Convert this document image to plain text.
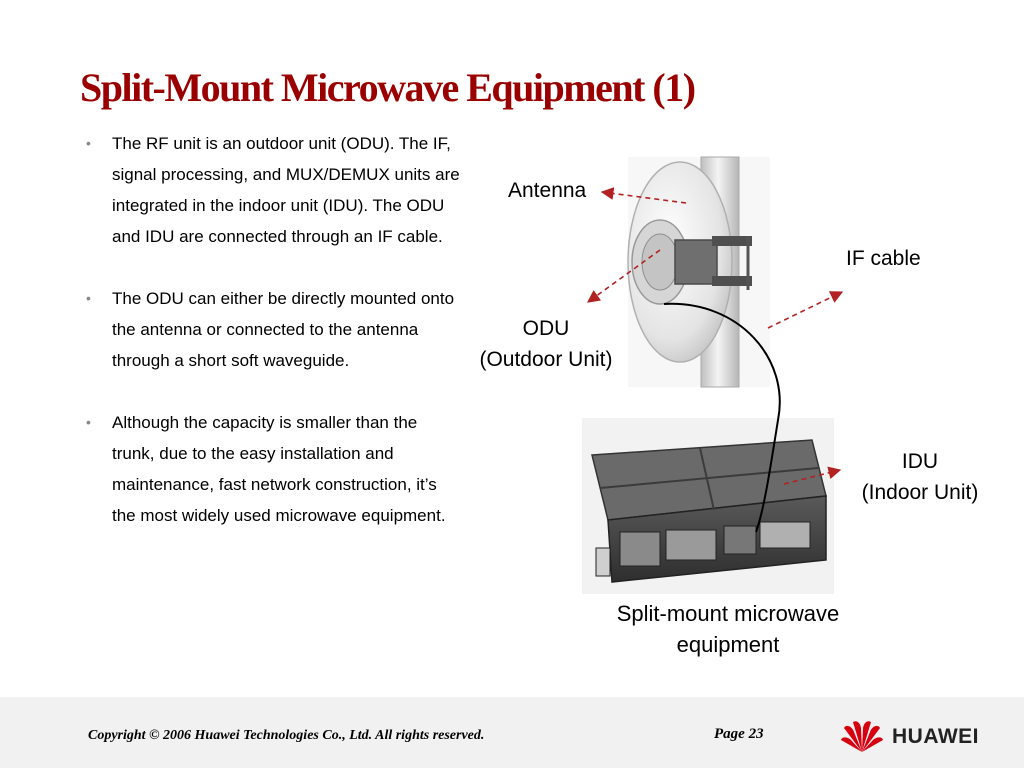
Split-Mount Microwave Equipment (1)
• The RF unit is an outdoor unit (ODU). The IF, signal processing, and MUX/DEMUX units are integrated in the indoor unit (IDU). The ODU and IDU are connected through an IF cable.
• The ODU can either be directly mounted onto the antenna or connected to the antenna through a short soft waveguide.
• Although the capacity is smaller than the trunk, due to the easy installation and maintenance, fast network construction, it’s the most widely used microwave equipment.
Antenna
IF cable
ODU
(Outdoor Unit)
IDU
(Indoor Unit)
Split-mount microwave
equipment
Copyright © 2006 Huawei Technologies Co., Ltd. All rights reserved.	Page 23	HUAWEI
